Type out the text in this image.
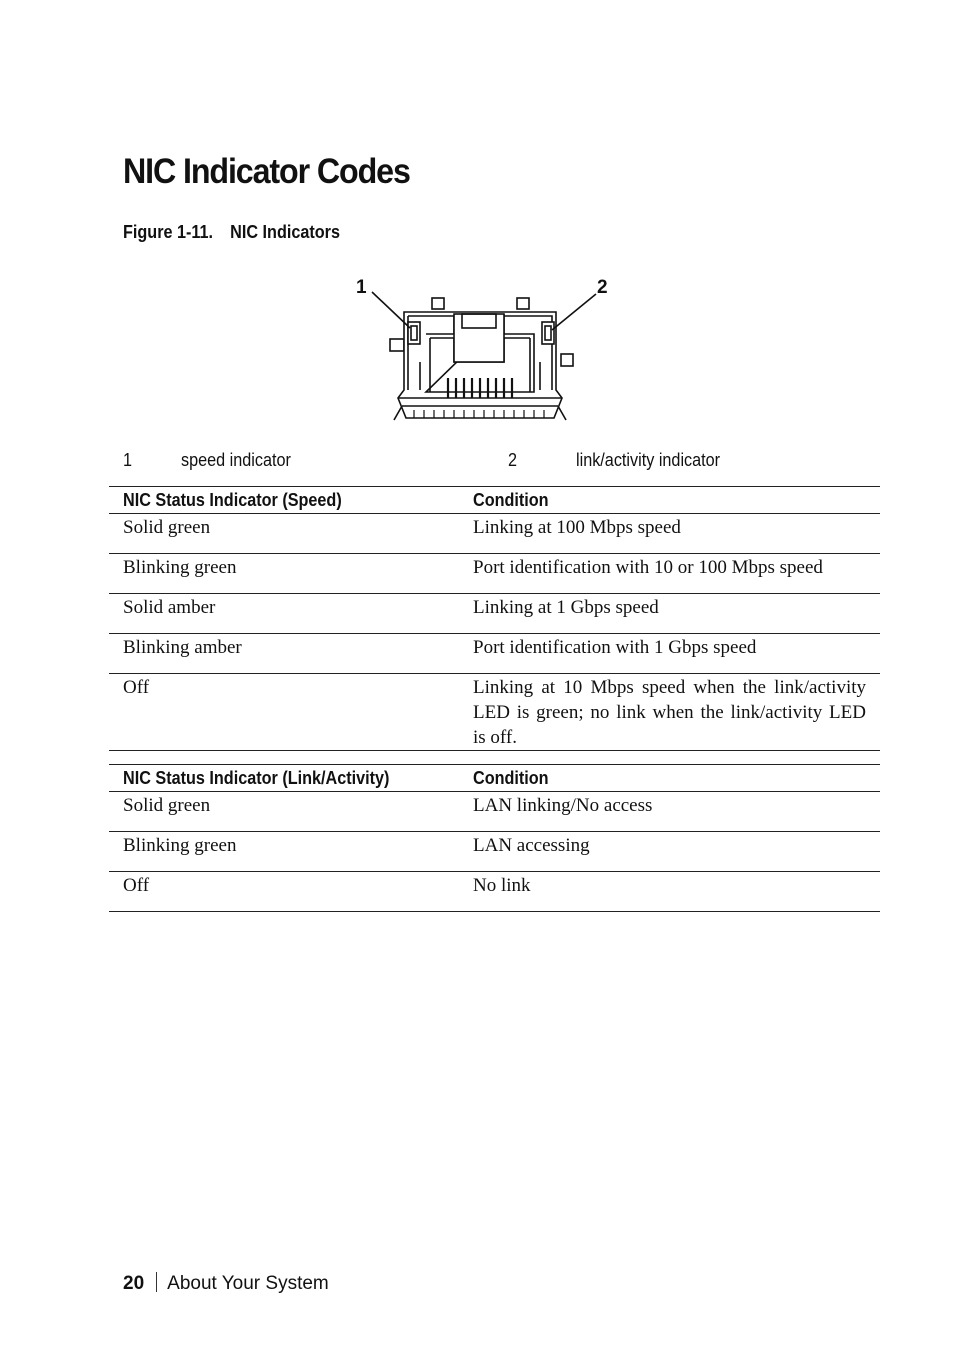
NIC Indicator Codes
Figure 1-11. NIC Indicators
1	2
1	speed indicator	2	link/activity indicator
NIC Status Indicator (Speed)	Condition
Solid green	Linking at 100 Mbps speed
Blinking green	Port identification with 10 or 100 Mbps speed
Solid amber	Linking at 1 Gbps speed
Blinking amber	Port identification with 1 Gbps speed
Off	Linking at 10 Mbps speed when the link/activity LED is green; no link when the link/activity LED is off.
NIC Status Indicator (Link/Activity)	Condition
Solid green	LAN linking/No access
Blinking green	LAN accessing
Off	No link
20 About Your System
